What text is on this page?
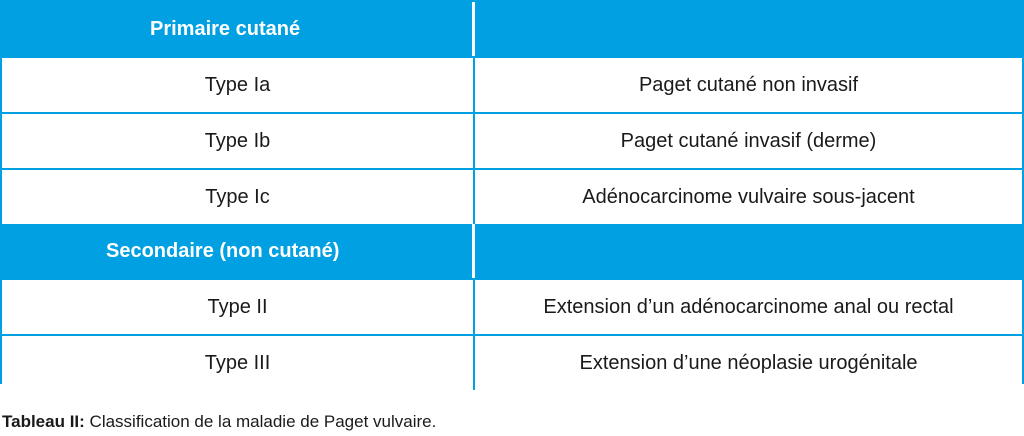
Primaire cutané	
Type Ia	Paget cutané non invasif
Type Ib	Paget cutané invasif (derme)
Type Ic	Adénocarcinome vulvaire sous-jacent
Secondaire (non cutané)	
Type II	Extension d’un adénocarcinome anal ou rectal
Type III	Extension d’une néoplasie urogénitale
Tableau II: Classification de la maladie de Paget vulvaire.
